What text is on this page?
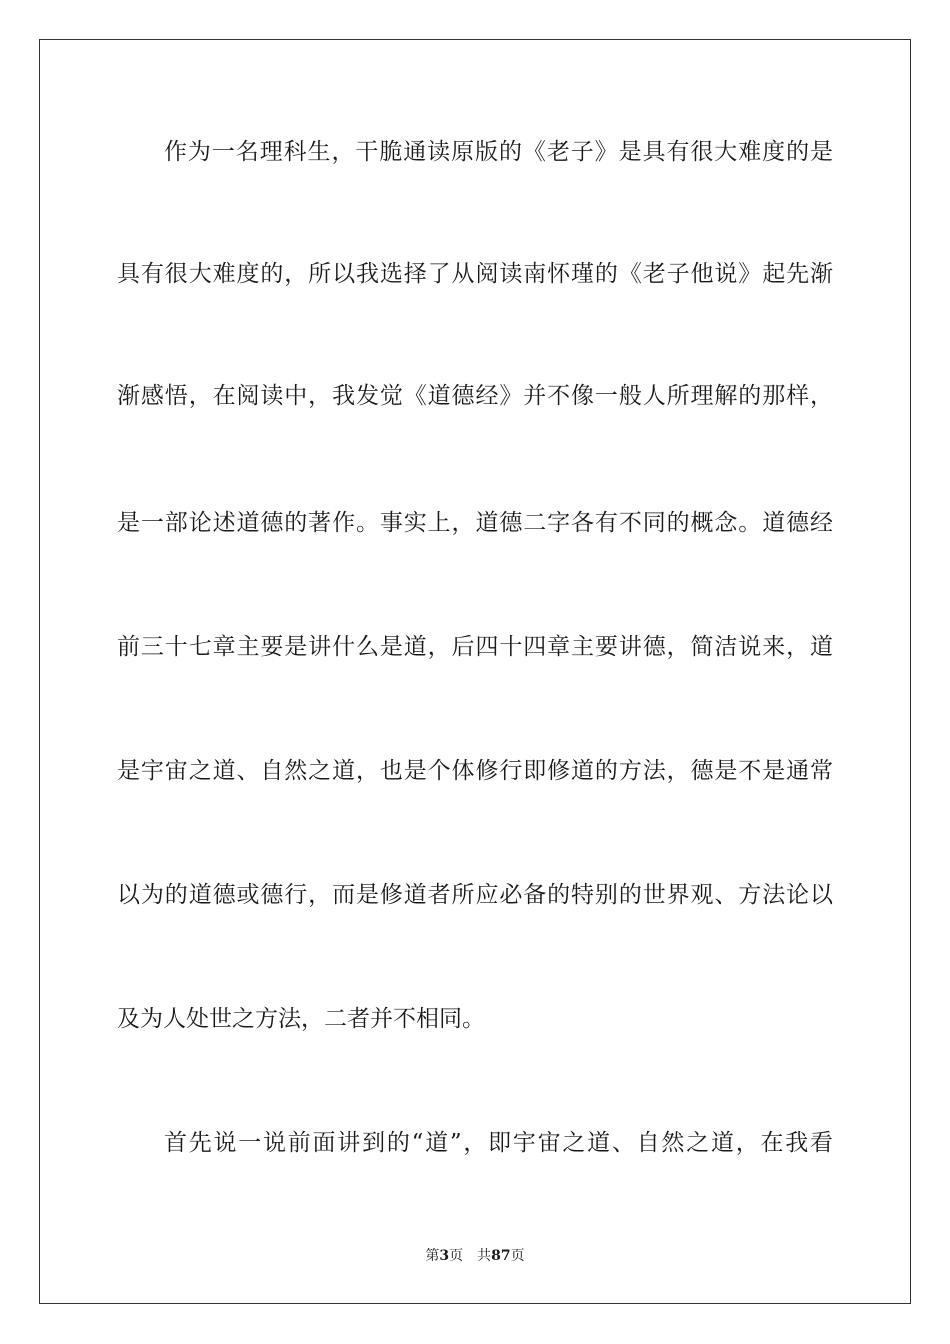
作为一名理科生，干脆通读原版的《老子》是具有很大难度的是
具有很大难度的，所以我选择了从阅读南怀瑾的《老子他说》起先渐
渐感悟，在阅读中，我发觉《道德经》并不像一般人所理解的那样，
是一部论述道德的著作。事实上，道德二字各有不同的概念。道德经
前三十七章主要是讲什么是道，后四十四章主要讲德，简洁说来，道
是宇宙之道、自然之道，也是个体修行即修道的方法，德是不是通常
以为的道德或德行，而是修道者所应必备的特别的世界观、方法论以
及为人处世之方法，二者并不相同。
首先说一说前面讲到的“道”，即宇宙之道、自然之道，在我看
第3页 共87页
